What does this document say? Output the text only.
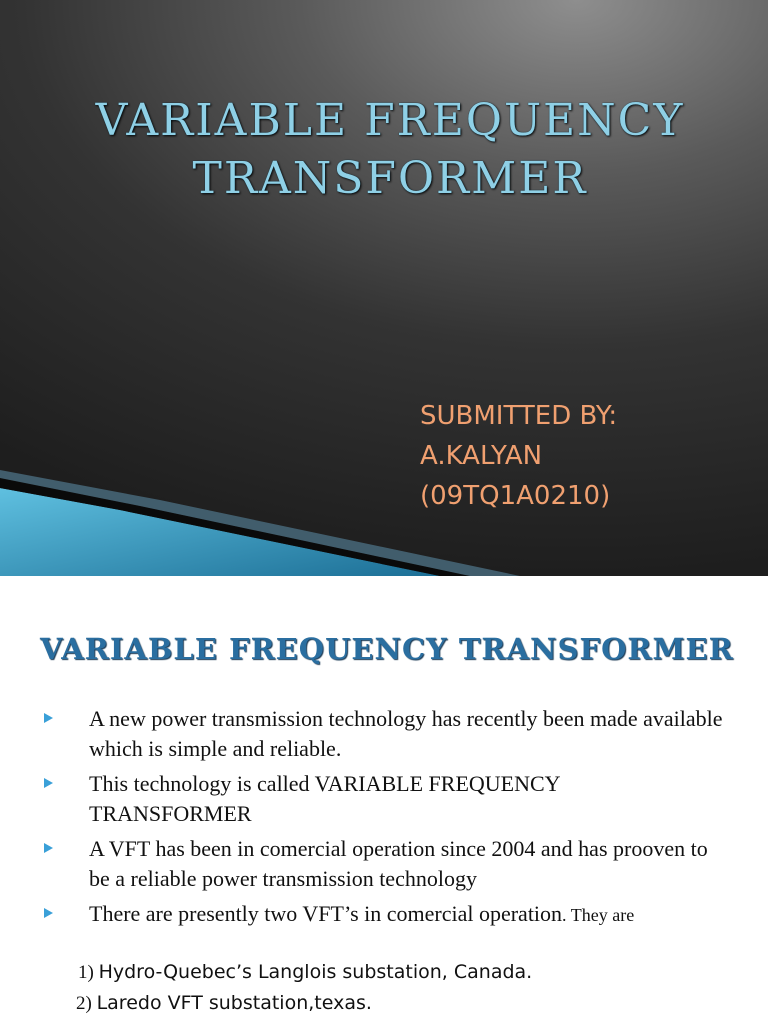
VARIABLE FREQUENCY
TRANSFORMER
SUBMITTED BY:
A.KALYAN
(09TQ1A0210)
VARIABLE FREQUENCY TRANSFORMER
A new power transmission technology has recently been made available which is simple and reliable.
This technology is called VARIABLE FREQUENCY TRANSFORMER
A VFT has been in comercial operation since 2004 and has prooven to be a reliable power transmission technology
There are presently two VFT’s in comercial operation. They are
1) Hydro-Quebec’s Langlois substation, Canada.
2) Laredo VFT substation,texas.
